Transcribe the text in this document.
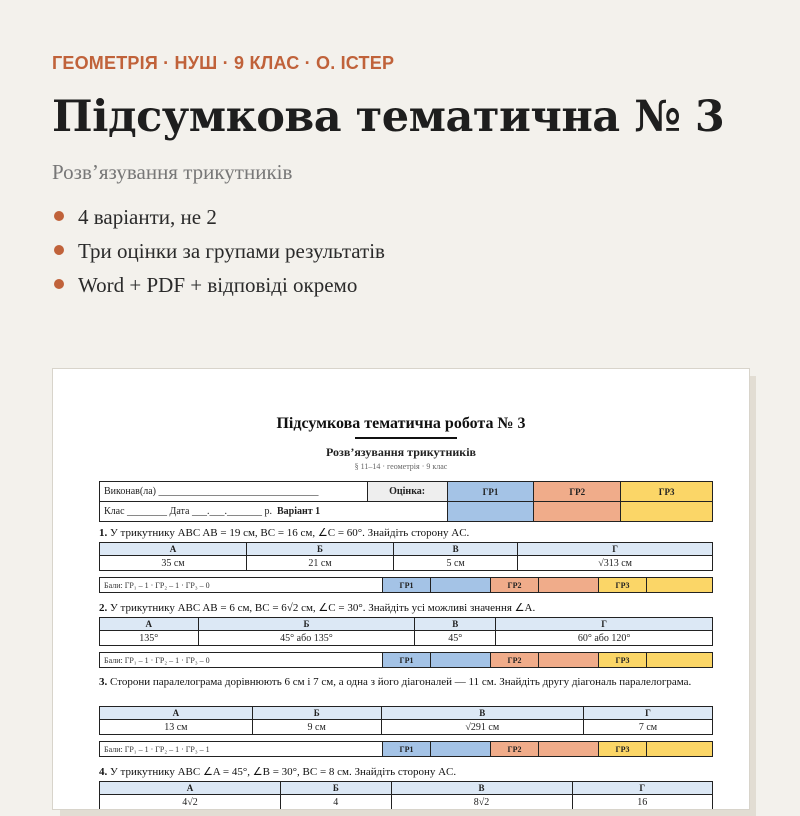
ГЕОМЕТРІЯ · НУШ · 9 КЛАС · О. ІСТЕР
Підсумкова тематична № 3
Розв’язування трикутників
4 варіанти, не 2
Три оцінки за групами результатів
Word + PDF + відповіді окремо
Підсумкова тематична робота № 3
Розв’язування трикутників
§ 11–14 · геометрія · 9 клас
Виконав(ла) ________________________________	Оцінка:	ГР1	ГР2	ГР3
Клас ________ Дата ___.___._______ р. Варіант 1				
1. У трикутнику ABC AB = 19 см, BC = 16 см, ∠C = 60°. Знайдіть сторону AC.
А	Б	В	Г
35 см	21 см	5 см	√313 см
Бали: ГР₁ – 1 · ГР₂ – 1 · ГР₃ – 0	ГР1		ГР2		ГР3	
2. У трикутнику ABC AB = 6 см, BC = 6√2 см, ∠C = 30°. Знайдіть усі можливі значення ∠A.
А	Б	В	Г
135°	45° або 135°	45°	60° або 120°
Бали: ГР₁ – 1 · ГР₂ – 1 · ГР₃ – 0	ГР1		ГР2		ГР3	
3. Сторони паралелограма дорівнюють 6 см і 7 см, а одна з його діагоналей — 11 см. Знайдіть другу діагональ паралелограма.
А	Б	В	Г
13 см	9 см	√291 см	7 см
Бали: ГР₁ – 1 · ГР₂ – 1 · ГР₃ – 1	ГР1		ГР2		ГР3	
4. У трикутнику ABC ∠A = 45°, ∠B = 30°, BC = 8 см. Знайдіть сторону AC.
А	Б	В	Г
4√2	4	8√2	16
